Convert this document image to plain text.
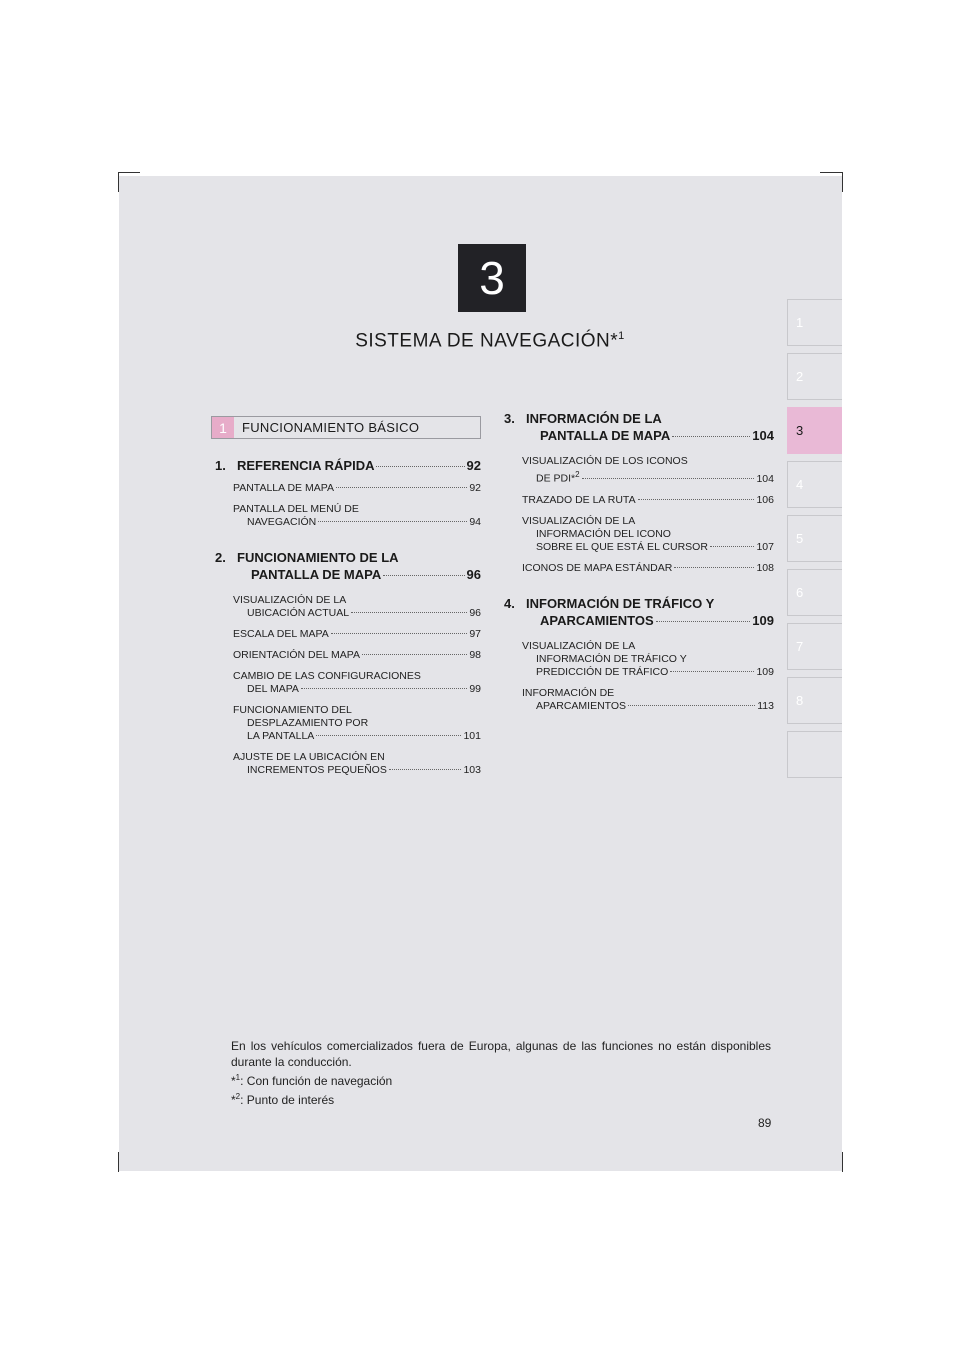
3
SISTEMA DE NAVEGACIÓN*$^1$
1
2
3
4
5
6
7
8
1	FUNCIONAMIENTO BÁSICO
1. REFERENCIA RÁPIDA	92
PANTALLA DE MAPA	92
PANTALLA DEL MENÚ DE
NAVEGACIÓN	94
2. FUNCIONAMIENTO DE LA
PANTALLA DE MAPA	96
VISUALIZACIÓN DE LA
UBICACIÓN ACTUAL	96
ESCALA DEL MAPA	97
ORIENTACIÓN DEL MAPA	98
CAMBIO DE LAS CONFIGURACIONES
DEL MAPA	99
FUNCIONAMIENTO DEL
DESPLAZAMIENTO POR
LA PANTALLA	101
AJUSTE DE LA UBICACIÓN EN
INCREMENTOS PEQUEÑOS	103
3. INFORMACIÓN DE LA
PANTALLA DE MAPA	104
VISUALIZACIÓN DE LOS ICONOS
DE PDI*$^2$	104
TRAZADO DE LA RUTA	106
VISUALIZACIÓN DE LA
INFORMACIÓN DEL ICONO
SOBRE EL QUE ESTÁ EL CURSOR	107
ICONOS DE MAPA ESTÁNDAR	108
4. INFORMACIÓN DE TRÁFICO Y
APARCAMIENTOS	109
VISUALIZACIÓN DE LA
INFORMACIÓN DE TRÁFICO Y
PREDICCIÓN DE TRÁFICO	109
INFORMACIÓN DE
APARCAMIENTOS	113

En los vehículos comercializados fuera de Europa, algunas de las funciones no están disponibles durante la conducción.

*$^1$: Con función de navegación
*$^2$: Punto de interés
89
